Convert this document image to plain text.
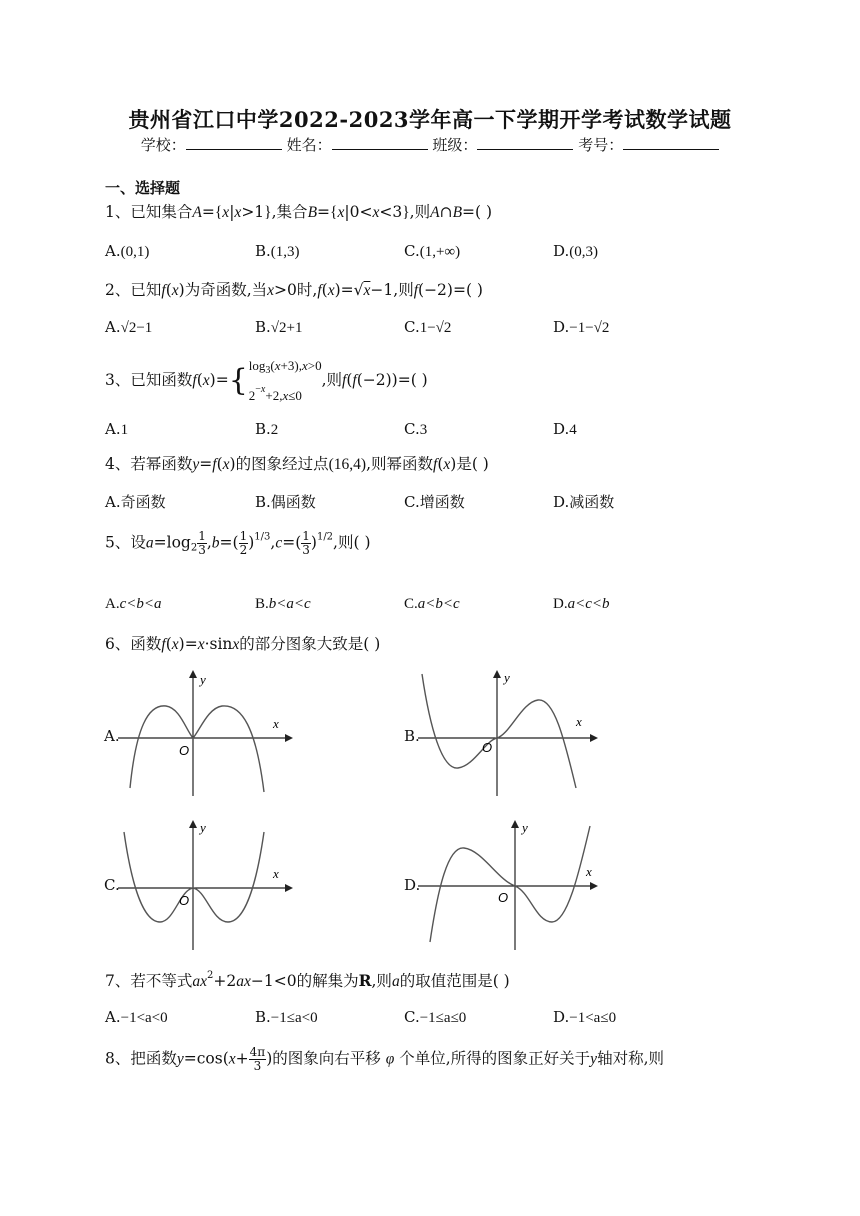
贵州省江口中学2022-2023学年高一下学期开学考试数学试题
学校：	姓名：	班级：	考号：
一、选择题
1、已知集合A={x|x>1},集合B={x|0<x<3},则A∩B=( )
A.(0,1)	B.(1,3)	C.(1,+∞)	D.(0,3)
2、已知f(x)为奇函数,当x>0时,f(x)=√x−1,则f(−2)=( )
A.√2−1	B.√2+1	C.1−√2	D.−1−√2
3、已知函数$f(x)=\{\log_3(x+3),x>0$
$2^{-x}+2,x\le 0$,则f(f(−2))=( )
A.1	B.2	C.3	D.4
4、若幂函数y=f(x)的图象经过点(16,4),则幂函数f(x)是( )
A.奇函数	B.偶函数	C.增函数	D.减函数
5、设$a=\log_2 \frac{1}{3} ,b=( \frac{1}{2} )^{1/3},c=( \frac{1}{3} )^{1/2}$,则( )
A.c<b<a	B.b<a<c	C.a<b<c	D.a<c<b
6、函数f(x)=x·sinx的部分图象大致是( )
A.
y
x
O
B.
y
x
O
C.
y
x
O
D.
y
x
O
7、若不等式$ax^2+2ax-1<0$的解集为R,则a的取值范围是( )
A.−1<a<0	B.−1≤a<0	C.−1≤a≤0	D.−1<a≤0
8、把函数$y=\cos(x+ \frac{4\pi}{3}$ )的图象向右平移 φ 个单位,所得的图象正好关于y轴对称,则
